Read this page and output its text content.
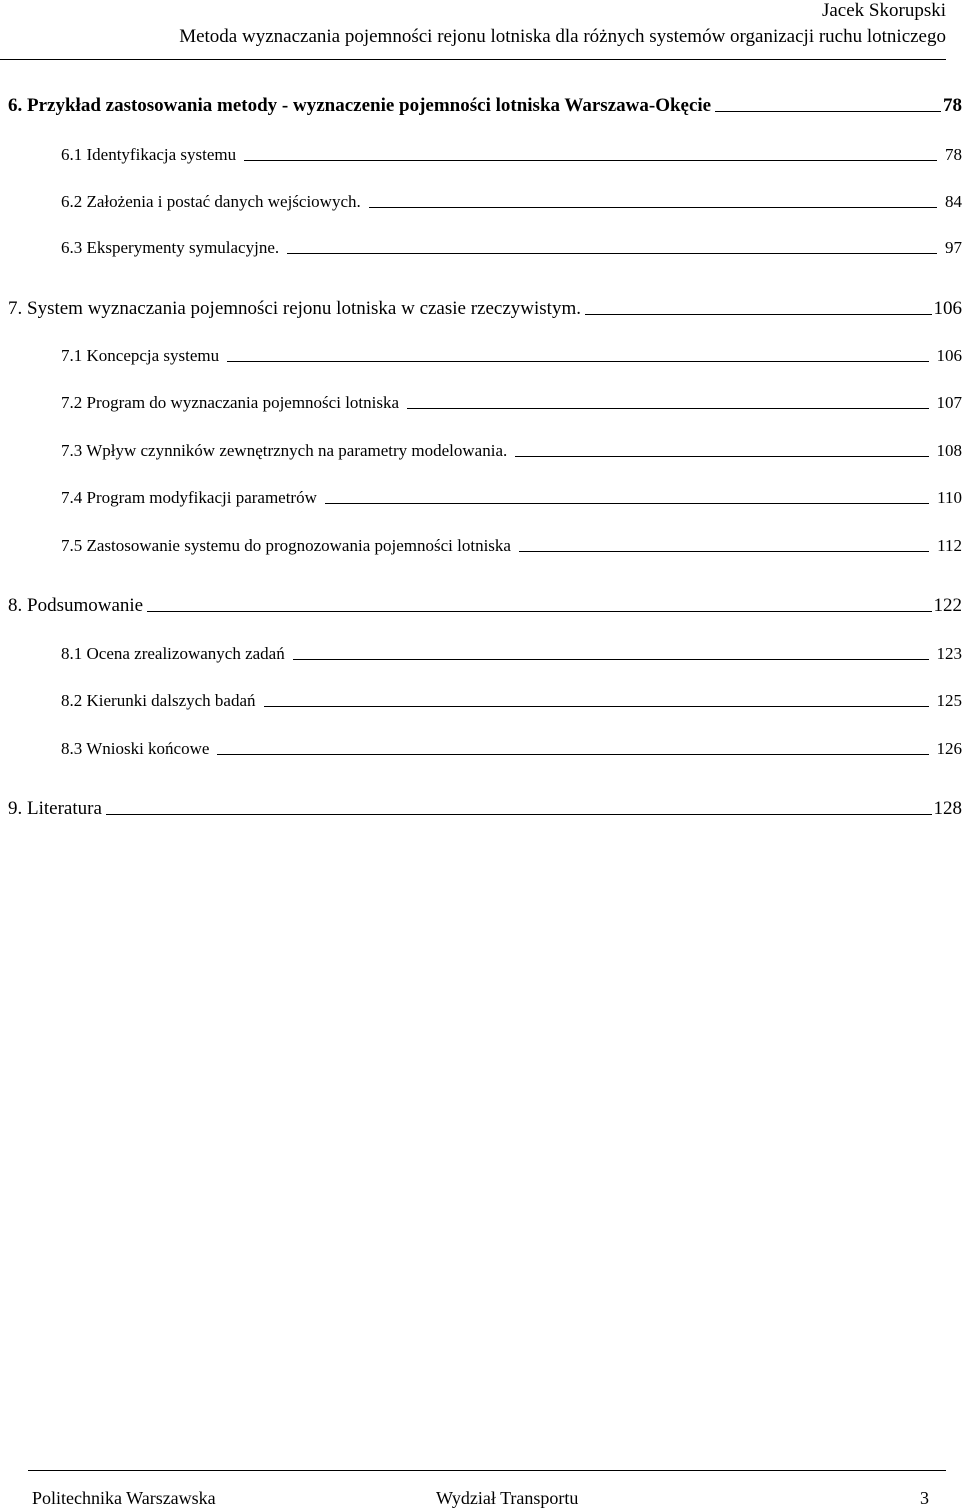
Jacek Skorupski
Metoda wyznaczania pojemności rejonu lotniska dla różnych systemów organizacji ruchu lotniczego
6. Przykład zastosowania metody - wyznaczenie pojemności lotniska Warszawa-Okęcie	78
6.1 Identyfikacja systemu	78
6.2 Założenia i postać danych wejściowych.	84
6.3 Eksperymenty symulacyjne.	97
7. System wyznaczania pojemności rejonu lotniska w czasie rzeczywistym.	106
7.1 Koncepcja systemu	106
7.2 Program do wyznaczania pojemności lotniska	107
7.3 Wpływ czynników zewnętrznych na parametry modelowania.	108
7.4 Program modyfikacji parametrów	110
7.5 Zastosowanie systemu do prognozowania pojemności lotniska	112
8. Podsumowanie	122
8.1 Ocena zrealizowanych zadań	123
8.2 Kierunki dalszych badań	125
8.3 Wnioski końcowe	126
9. Literatura	128
Politechnika Warszawska	Wydział Transportu	3
